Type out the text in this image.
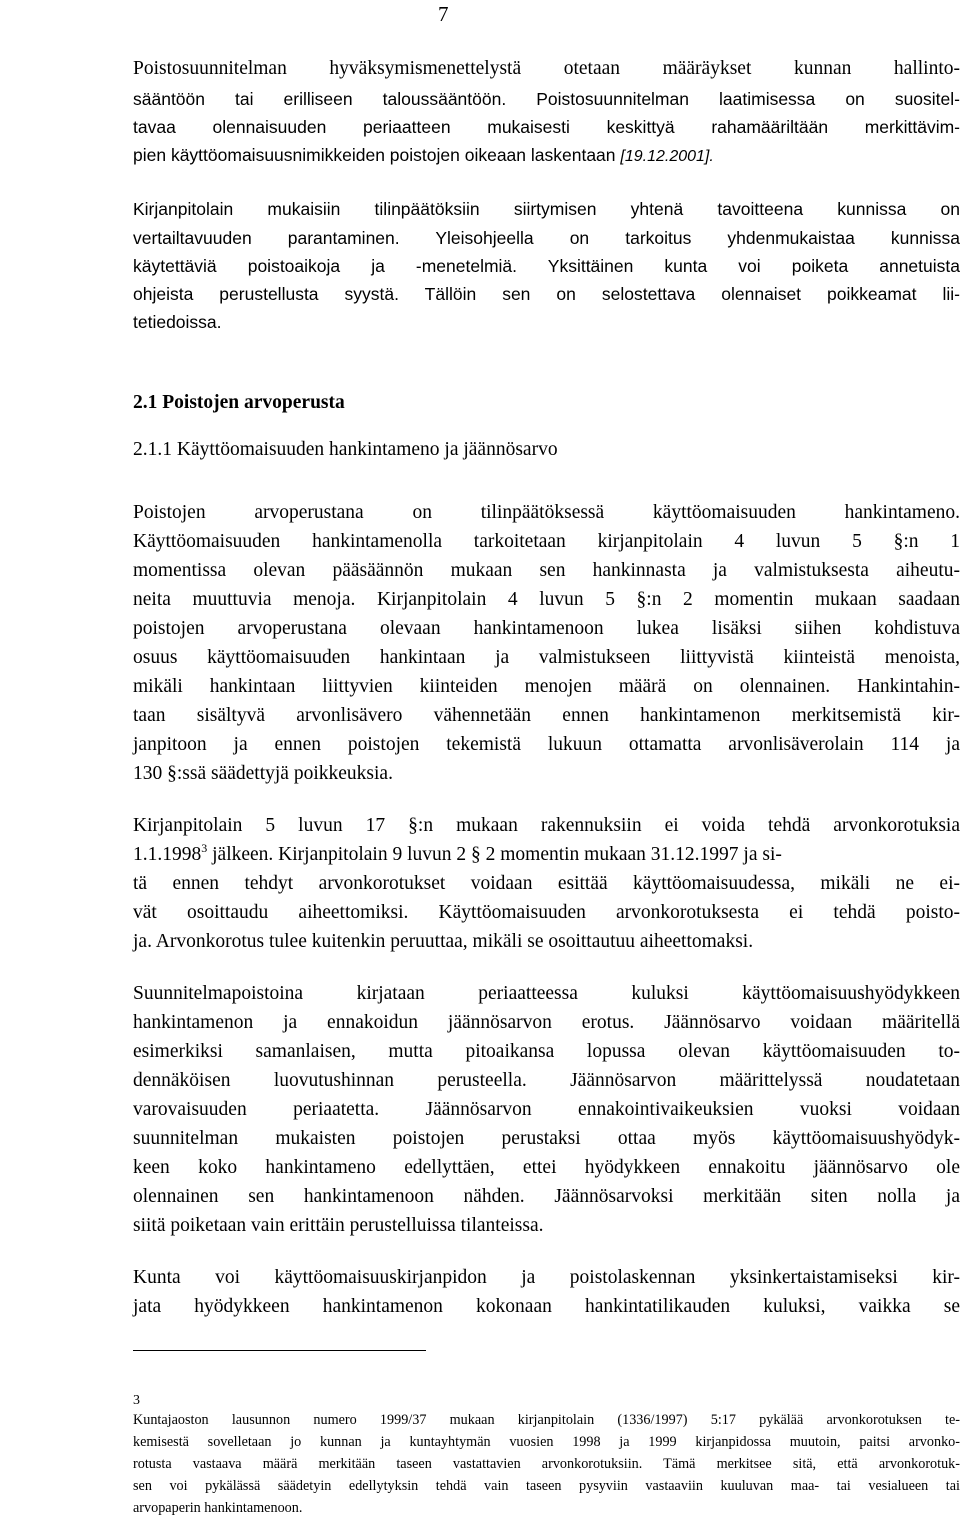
7
Poistosuunnitelman hyväksymismenettelystä otetaan määräykset kunnan hallinto-
sääntöön tai erilliseen taloussääntöön. Poistosuunnitelman laatimisessa on suositel-
tavaa olennaisuuden periaatteen mukaisesti keskittyä rahamääriltään merkittävim-
pien käyttöomaisuusnimikkeiden poistojen oikeaan laskentaan [19.12.2001].
Kirjanpitolain mukaisiin tilinpäätöksiin siirtymisen yhtenä tavoitteena kunnissa on
vertailtavuuden parantaminen. Yleisohjeella on tarkoitus yhdenmukaistaa kunnissa
käytettäviä poistoaikoja ja -menetelmiä. Yksittäinen kunta voi poiketa annetuista
ohjeista perustellusta syystä. Tällöin sen on selostettava olennaiset poikkeamat lii-
tetiedoissa.
2.1 Poistojen arvoperusta
2.1.1 Käyttöomaisuuden hankintameno ja jäännösarvo
Poistojen arvoperustana on tilinpäätöksessä käyttöomaisuuden hankintameno.
Käyttöomaisuuden hankintamenolla tarkoitetaan kirjanpitolain 4 luvun 5 §:n 1
momentissa olevan pääsäännön mukaan sen hankinnasta ja valmistuksesta aiheutu-
neita muuttuvia menoja. Kirjanpitolain 4 luvun 5 §:n 2 momentin mukaan saadaan
poistojen arvoperustana olevaan hankintamenoon lukea lisäksi siihen kohdistuva
osuus käyttöomaisuuden hankintaan ja valmistukseen liittyvistä kiinteistä menoista,
mikäli hankintaan liittyvien kiinteiden menojen määrä on olennainen. Hankintahin-
taan sisältyvä arvonlisävero vähennetään ennen hankintamenon merkitsemistä kir-
janpitoon ja ennen poistojen tekemistä lukuun ottamatta arvonlisäverolain 114 ja
130 §:ssä säädettyjä poikkeuksia.
Kirjanpitolain 5 luvun 17 §:n mukaan rakennuksiin ei voida tehdä arvonkorotuksia
1.1.1998$^3$ jälkeen. Kirjanpitolain 9 luvun 2 § 2 momentin mukaan 31.12.1997 ja si-
tä ennen tehdyt arvonkorotukset voidaan esittää käyttöomaisuudessa, mikäli ne ei-
vät osoittaudu aiheettomiksi. Käyttöomaisuuden arvonkorotuksesta ei tehdä poisto-
ja. Arvonkorotus tulee kuitenkin peruuttaa, mikäli se osoittautuu aiheettomaksi.
Suunnitelmapoistoina kirjataan periaatteessa kuluksi käyttöomaisuushyödykkeen
hankintamenon ja ennakoidun jäännösarvon erotus. Jäännösarvo voidaan määritellä
esimerkiksi samanlaisen, mutta pitoaikansa lopussa olevan käyttöomaisuuden to-
dennäköisen luovutushinnan perusteella. Jäännösarvon määrittelyssä noudatetaan
varovaisuuden periaatetta. Jäännösarvon ennakointivaikeuksien vuoksi voidaan
suunnitelman mukaisten poistojen perustaksi ottaa myös käyttöomaisuushyödyk-
keen koko hankintameno edellyttäen, ettei hyödykkeen ennakoitu jäännösarvo ole
olennainen sen hankintamenoon nähden. Jäännösarvoksi merkitään siten nolla ja
siitä poiketaan vain erittäin perustelluissa tilanteissa.
Kunta voi käyttöomaisuuskirjanpidon ja poistolaskennan yksinkertaistamiseksi kir-
jata hyödykkeen hankintamenon kokonaan hankintatilikauden kuluksi, vaikka se
3
Kuntajaoston lausunnon numero 1999/37 mukaan kirjanpitolain (1336/1997) 5:17 pykälää arvonkorotuksen te-
kemisestä sovelletaan jo kunnan ja kuntayhtymän vuosien 1998 ja 1999 kirjanpidossa muutoin, paitsi arvonko-
rotusta vastaava määrä merkitään taseen vastattavien arvonkorotuksiin. Tämä merkitsee sitä, että arvonkorotuk-
sen voi pykälässä säädetyin edellytyksin tehdä vain taseen pysyviin vastaaviin kuuluvan maa- tai vesialueen tai
arvopaperin hankintamenoon.
